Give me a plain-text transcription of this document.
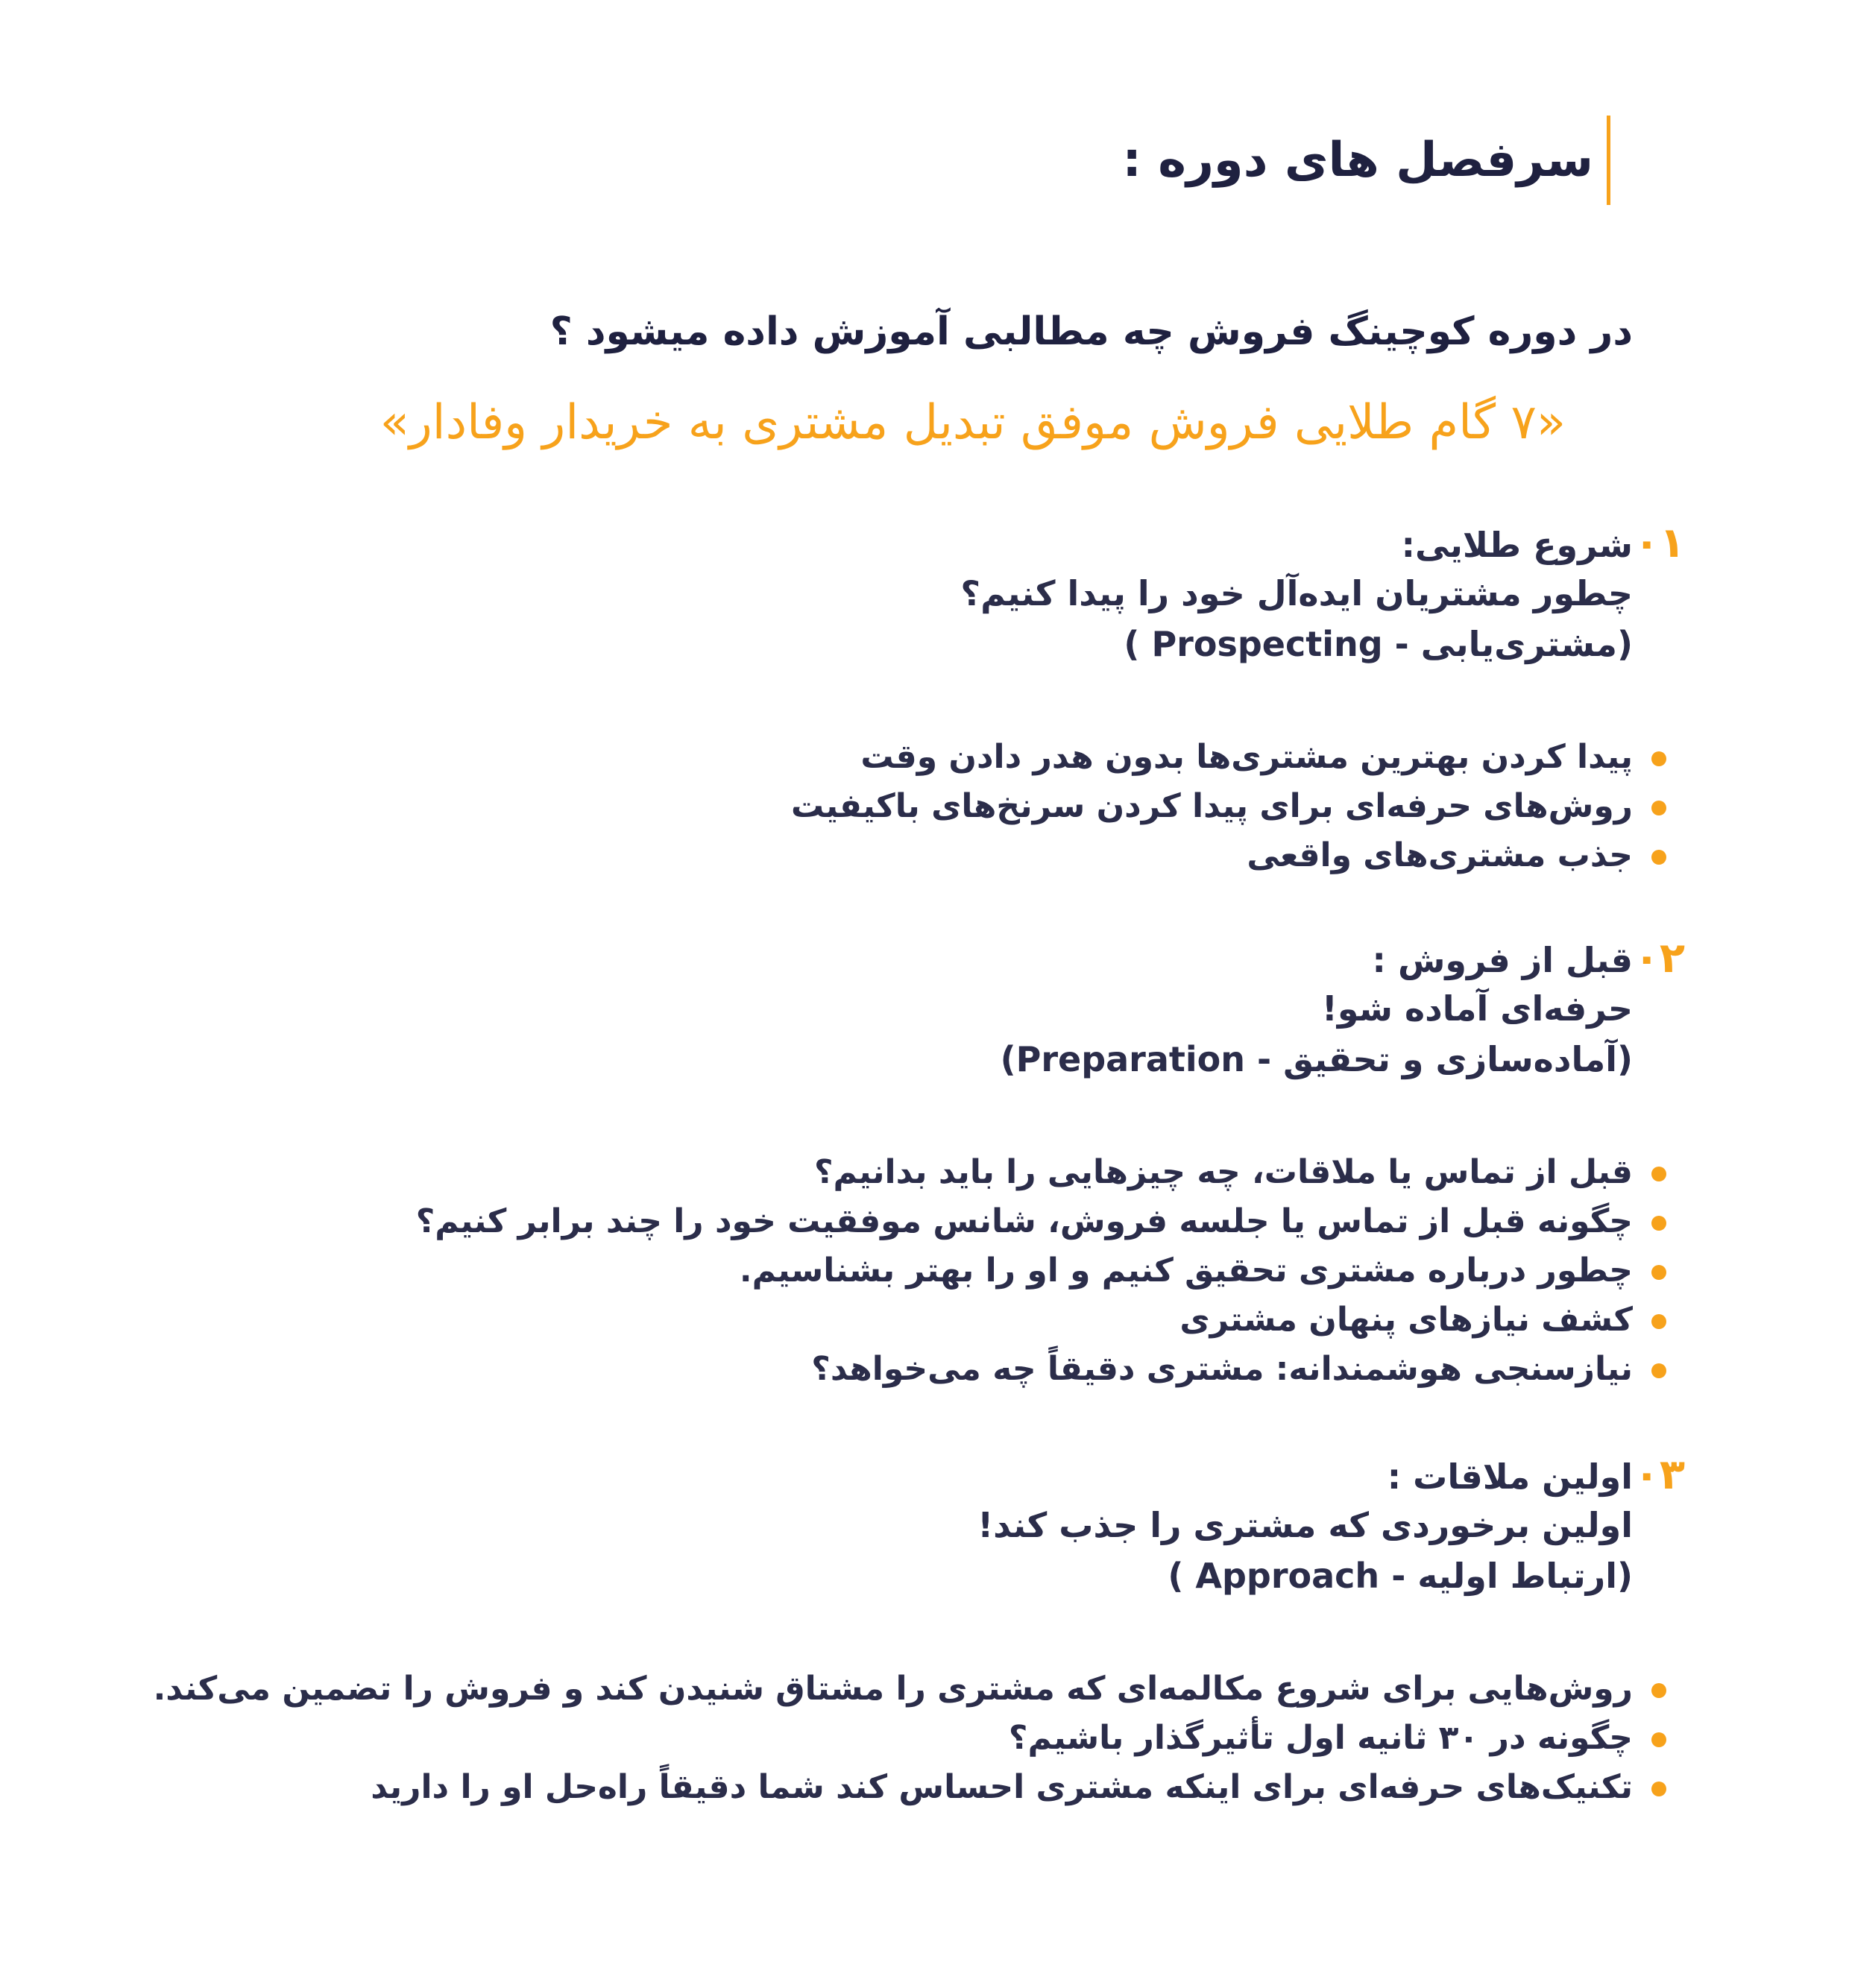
سرفصل های دوره :
در دوره کوچینگ فروش چه مطالبی آموزش داده میشود ؟
«۷ گام طلایی فروش موفق تبدیل مشتری به خریدار وفادار»
۰۱
شروع طلایی:
چطور مشتریان ایده‌آل خود را پیدا کنیم؟
(مشتری‌یابی - Prospecting )
پیدا کردن بهترین مشتری‌ها بدون هدر دادن وقت
روش‌های حرفه‌ای برای پیدا کردن سرنخ‌های باکیفیت
جذب مشتری‌های واقعی
۰۲
قبل از فروش :
حرفه‌ای آماده شو!
(آماده‌سازی و تحقیق - Preparation)
قبل از تماس یا ملاقات، چه چیزهایی را باید بدانیم؟
چگونه قبل از تماس یا جلسه فروش، شانس موفقیت خود را چند برابر کنیم؟
چطور درباره مشتری تحقیق کنیم و او را بهتر بشناسیم.
کشف نیازهای پنهان مشتری
نیازسنجی هوشمندانه: مشتری دقیقاً چه می‌خواهد؟
۰۳
اولین ملاقات :
اولین برخوردی که مشتری را جذب کند!
(ارتباط اولیه - Approach )
روش‌هایی برای شروع مکالمه‌ای که مشتری را مشتاق شنیدن کند و فروش را تضمین می‌کند.
چگونه در ۳۰ ثانیه اول تأثیرگذار باشیم؟
تکنیک‌های حرفه‌ای برای اینکه مشتری احساس کند شما دقیقاً راه‌حل او را دارید
